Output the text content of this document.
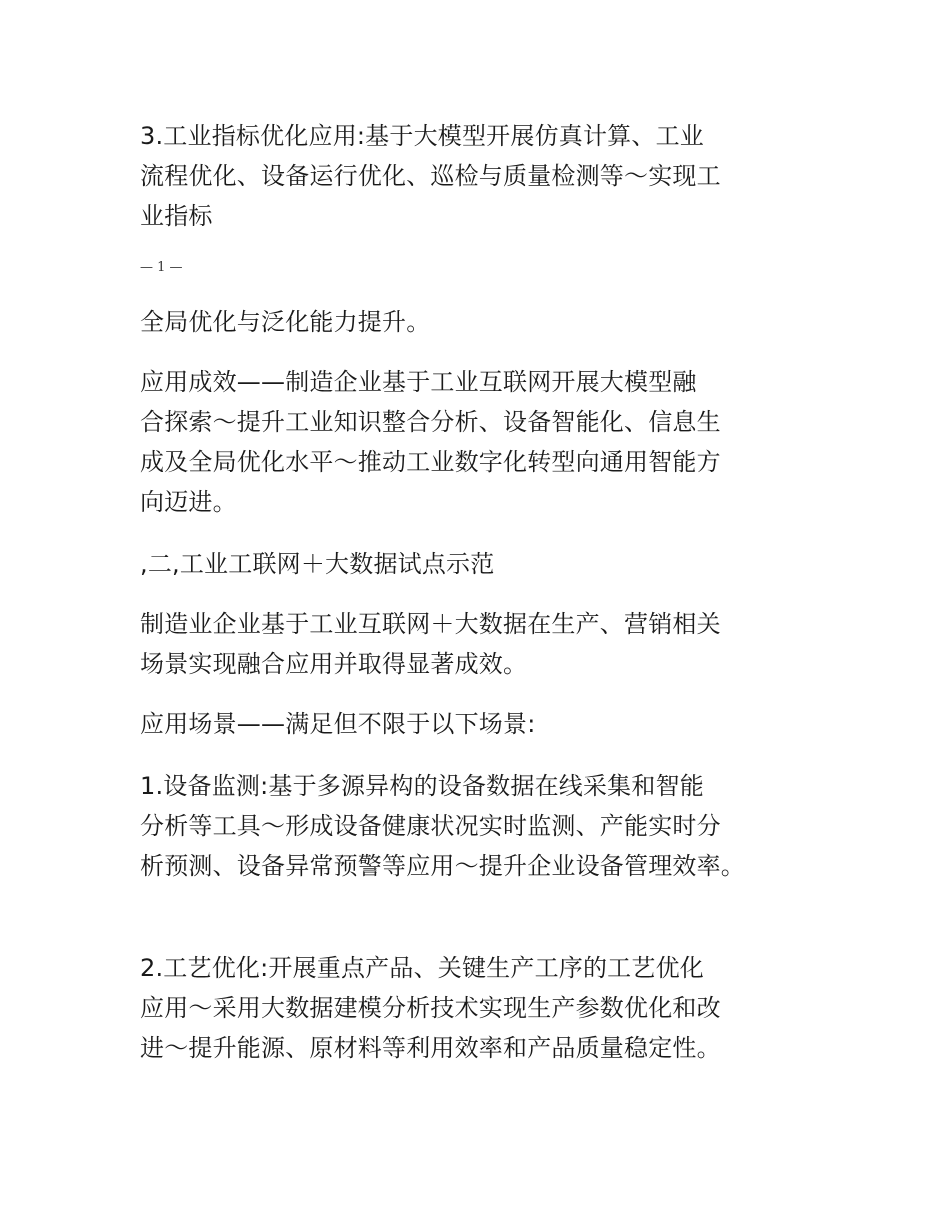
3.工业指标优化应用:基于大模型开展仿真计算、工业
流程优化、设备运行优化、巡检与质量检测等～实现工
业指标
— 1 —
全局优化与泛化能力提升。
应用成效——制造企业基于工业互联网开展大模型融
合探索～提升工业知识整合分析、设备智能化、信息生
成及全局优化水平～推动工业数字化转型向通用智能方
向迈进。
,二,工业工联网＋大数据试点示范
制造业企业基于工业互联网＋大数据在生产、营销相关
场景实现融合应用并取得显著成效。
应用场景——满足但不限于以下场景:
1.设备监测:基于多源异构的设备数据在线采集和智能
分析等工具～形成设备健康状况实时监测、产能实时分
析预测、设备异常预警等应用～提升企业设备管理效率。
2.工艺优化:开展重点产品、关键生产工序的工艺优化
应用～采用大数据建模分析技术实现生产参数优化和改
进～提升能源、原材料等利用效率和产品质量稳定性。
